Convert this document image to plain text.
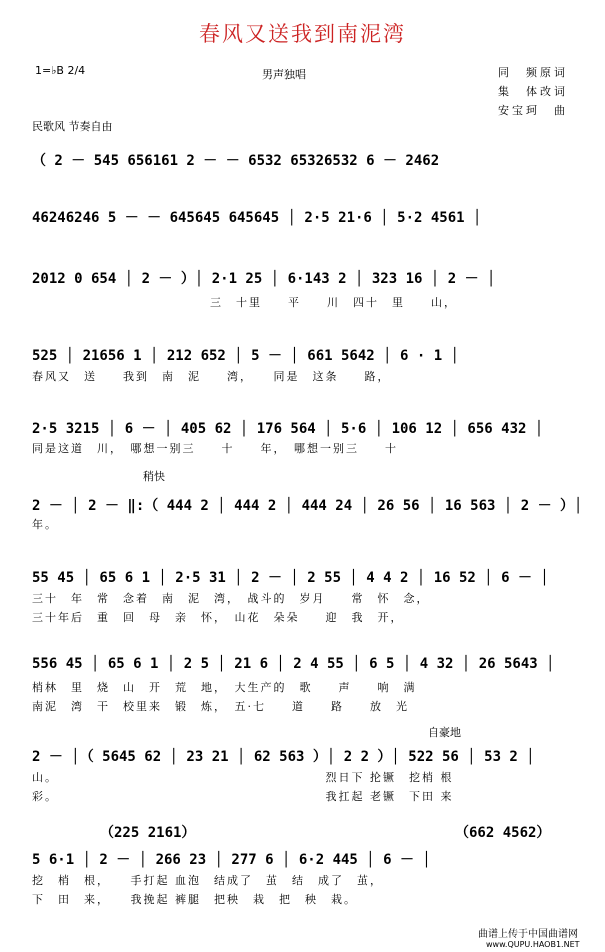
春风又送我到南泥湾
1=♭B 2/4	男声独唱	同　频原词
集　体改词
安宝珂　曲
民歌风 节奏自由
（ 2 － 545 656161 2 － － 6532 65326532 6 － 2462
46246246 5 － － 645645 645645 │ 2·5 21·6 │ 5·2 4561 │
2012 0 654 │ 2 － ）│ 2·1 25 │ 6·143 2 │ 323 16 │ 2 － │
三　十里　　平　　川　四十　里　　山，
525 │ 21656 1 │ 212 652 │ 5 － │ 661 5642 │ 6 · 1 │
春风又　送　　我到　南　泥　　湾，　　同是　这条　　路，
2·5 3215 │ 6 － │ 405 62 │ 176 564 │ 5·6 │ 106 12 │ 656 432 │
同是这道　川，　哪想一别三　　十　　年，　哪想一别三　　十
稍快
2 － │ 2 － ‖:（ 444 2 │ 444 2 │ 444 24 │ 26 56 │ 16 563 │ 2 － ）│
年。
55 45 │ 65 6 1 │ 2·5 31 │ 2 － │ 2 55 │ 4 4 2 │ 16 52 │ 6 － │
三十　年　常　念着　南　泥　湾，　战斗的　岁月　　常　怀　念，
三十年后　重　回　母　亲　怀，　山花　朵朵　　迎　我　开，
556 45 │ 65 6 1 │ 2 5 │ 21 6 │ 2 4 55 │ 6 5 │ 4 32 │ 26 5643 │
梢林　里　烧　山　开　荒　地，　大生产的　歌　　声　　响　满
南泥　湾　干　校里来　锻　炼，　五·七　　道　　路　　放　光
自豪地
2 － │（ 5645 62 │ 23 21 │ 62 563 ）│ 2 2 ）│ 522 56 │ 53 2 │
山。　　　　　　　　　　　　　　　　　　　　　烈日下 抡镢　挖梢 根
彩。　　　　　　　　　　　　　　　　　　　　　我扛起 老镢　下田 来
（225 2161）	（662 4562）
5 6·1 │ 2 － │ 266 23 │ 277 6 │ 6·2 445 │ 6 － │
挖　梢　根，　　手打起 血泡　结成了　茧　结　成了　茧，
下　田　来，　　我挽起 裤腿　把秧　栽　把　秧　栽。
曲谱上传于中国曲谱网
www.QUPU.HAOB1.NET
